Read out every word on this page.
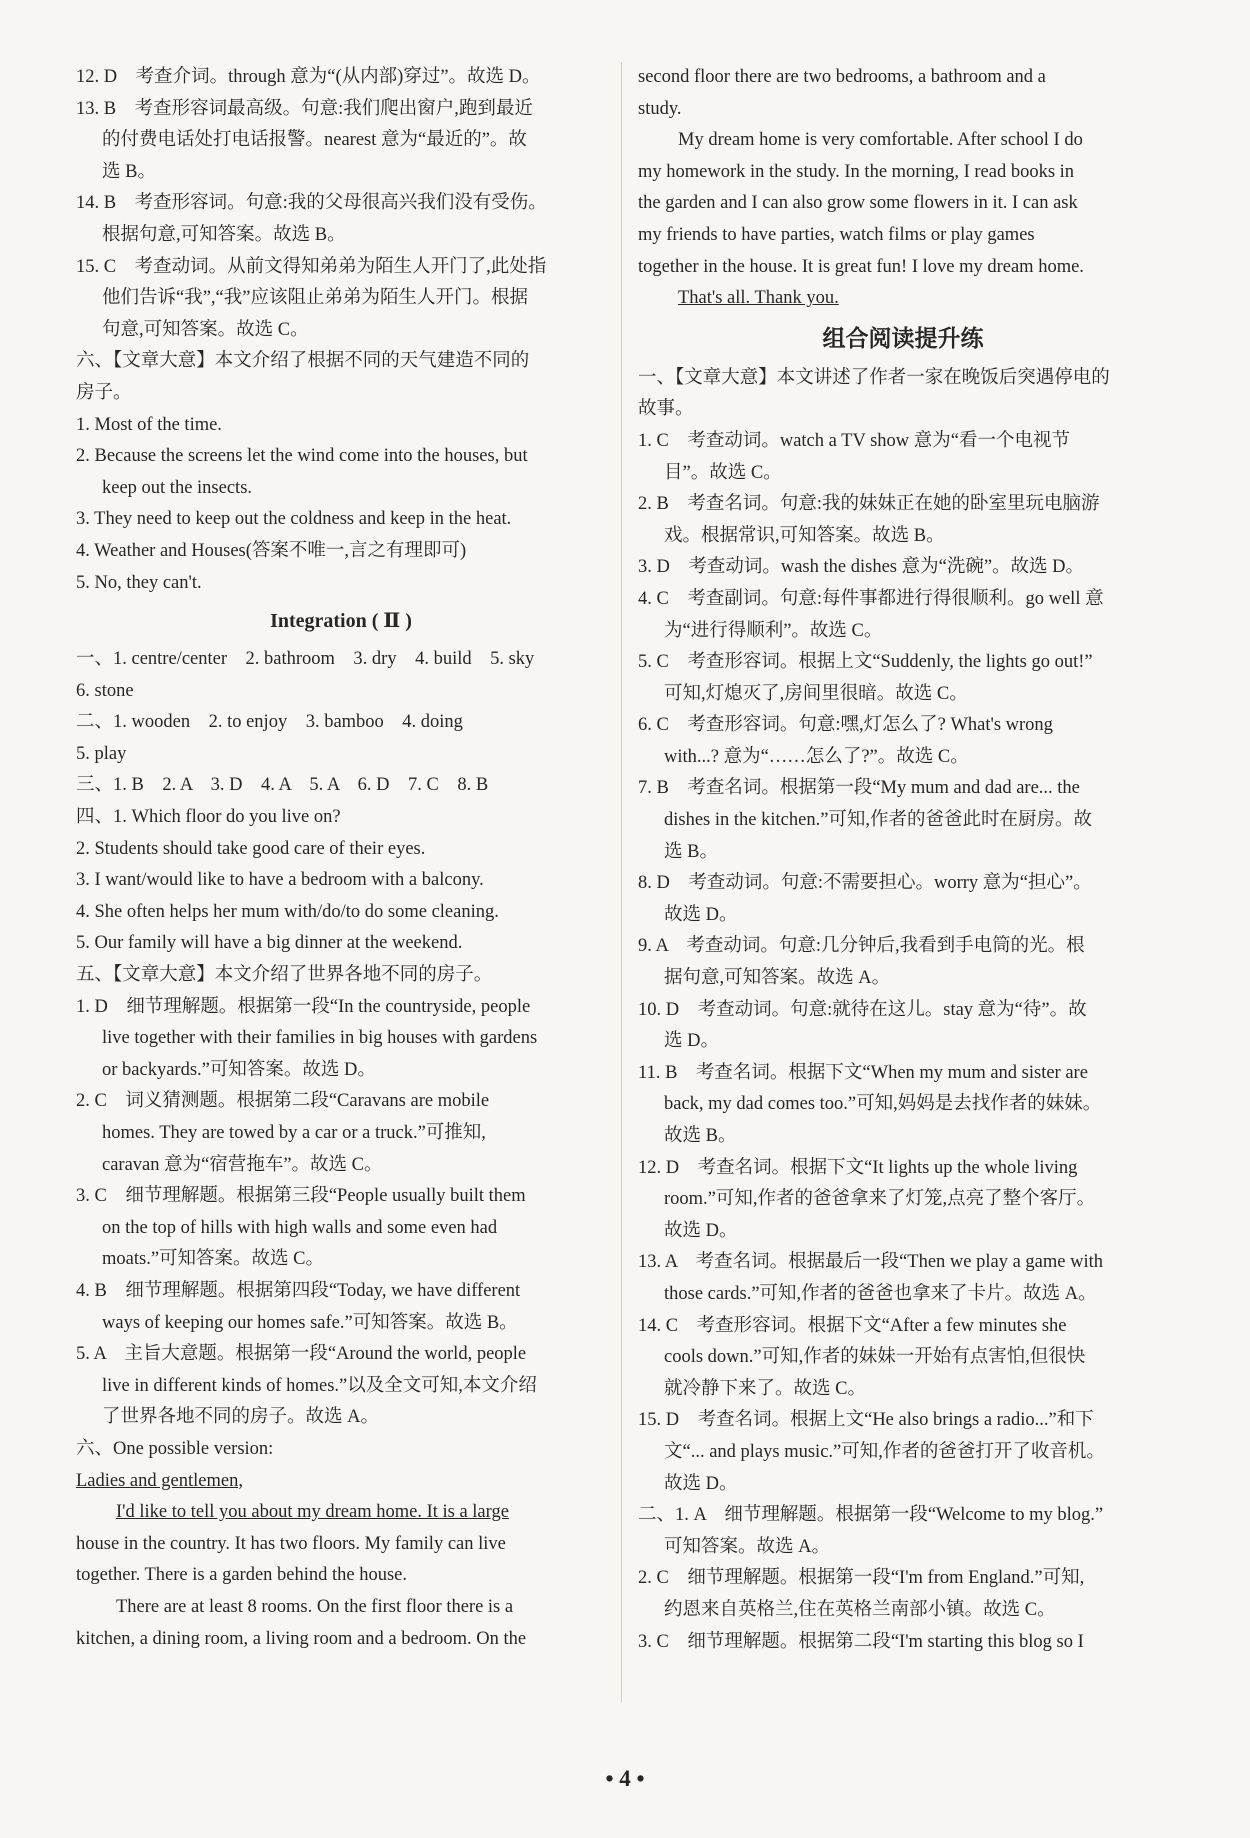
12. D　考查介词。through 意为“(从内部)穿过”。故选 D。
13. B　考查形容词最高级。句意:我们爬出窗户,跑到最近
的付费电话处打电话报警。nearest 意为“最近的”。故
选 B。
14. B　考查形容词。句意:我的父母很高兴我们没有受伤。
根据句意,可知答案。故选 B。
15. C　考查动词。从前文得知弟弟为陌生人开门了,此处指
他们告诉“我”,“我”应该阻止弟弟为陌生人开门。根据
句意,可知答案。故选 C。
六、【文章大意】本文介绍了根据不同的天气建造不同的
房子。
1. Most of the time.
2. Because the screens let the wind come into the houses, but
keep out the insects.
3. They need to keep out the coldness and keep in the heat.
4. Weather and Houses(答案不唯一,言之有理即可)
5. No, they can't.
Integration ( Ⅱ )
一、1. centre/center　2. bathroom　3. dry　4. build　5. sky
6. stone
二、1. wooden　2. to enjoy　3. bamboo　4. doing
5. play
三、1. B　2. A　3. D　4. A　5. A　6. D　7. C　8. B
四、1. Which floor do you live on?
2. Students should take good care of their eyes.
3. I want/would like to have a bedroom with a balcony.
4. She often helps her mum with/do/to do some cleaning.
5. Our family will have a big dinner at the weekend.
五、【文章大意】本文介绍了世界各地不同的房子。
1. D　细节理解题。根据第一段“In the countryside, people
live together with their families in big houses with gardens
or backyards.”可知答案。故选 D。
2. C　词义猜测题。根据第二段“Caravans are mobile
homes. They are towed by a car or a truck.”可推知,
caravan 意为“宿营拖车”。故选 C。
3. C　细节理解题。根据第三段“People usually built them
on the top of hills with high walls and some even had
moats.”可知答案。故选 C。
4. B　细节理解题。根据第四段“Today, we have different
ways of keeping our homes safe.”可知答案。故选 B。
5. A　主旨大意题。根据第一段“Around the world, people
live in different kinds of homes.”以及全文可知,本文介绍
了世界各地不同的房子。故选 A。
六、One possible version:
Ladies and gentlemen,
I'd like to tell you about my dream home. It is a large
house in the country. It has two floors. My family can live
together. There is a garden behind the house.
There are at least 8 rooms. On the first floor there is a
kitchen, a dining room, a living room and a bedroom. On the
second floor there are two bedrooms, a bathroom and a
study.
My dream home is very comfortable. After school I do
my homework in the study. In the morning, I read books in
the garden and I can also grow some flowers in it. I can ask
my friends to have parties, watch films or play games
together in the house. It is great fun! I love my dream home.
That's all. Thank you.
组合阅读提升练
一、【文章大意】本文讲述了作者一家在晚饭后突遇停电的
故事。
1. C　考查动词。watch a TV show 意为“看一个电视节
目”。故选 C。
2. B　考查名词。句意:我的妹妹正在她的卧室里玩电脑游
戏。根据常识,可知答案。故选 B。
3. D　考查动词。wash the dishes 意为“洗碗”。故选 D。
4. C　考查副词。句意:每件事都进行得很顺利。go well 意
为“进行得顺利”。故选 C。
5. C　考查形容词。根据上文“Suddenly, the lights go out!”
可知,灯熄灭了,房间里很暗。故选 C。
6. C　考查形容词。句意:嘿,灯怎么了? What's wrong
with...? 意为“……怎么了?”。故选 C。
7. B　考查名词。根据第一段“My mum and dad are... the
dishes in the kitchen.”可知,作者的爸爸此时在厨房。故
选 B。
8. D　考查动词。句意:不需要担心。worry 意为“担心”。
故选 D。
9. A　考查动词。句意:几分钟后,我看到手电筒的光。根
据句意,可知答案。故选 A。
10. D　考查动词。句意:就待在这儿。stay 意为“待”。故
选 D。
11. B　考查名词。根据下文“When my mum and sister are
back, my dad comes too.”可知,妈妈是去找作者的妹妹。
故选 B。
12. D　考查名词。根据下文“It lights up the whole living
room.”可知,作者的爸爸拿来了灯笼,点亮了整个客厅。
故选 D。
13. A　考查名词。根据最后一段“Then we play a game with
those cards.”可知,作者的爸爸也拿来了卡片。故选 A。
14. C　考查形容词。根据下文“After a few minutes she
cools down.”可知,作者的妹妹一开始有点害怕,但很快
就冷静下来了。故选 C。
15. D　考查名词。根据上文“He also brings a radio...”和下
文“... and plays music.”可知,作者的爸爸打开了收音机。
故选 D。
二、1. A　细节理解题。根据第一段“Welcome to my blog.”
可知答案。故选 A。
2. C　细节理解题。根据第一段“I'm from England.”可知,
约恩来自英格兰,住在英格兰南部小镇。故选 C。
3. C　细节理解题。根据第二段“I'm starting this blog so I
• 4 •
